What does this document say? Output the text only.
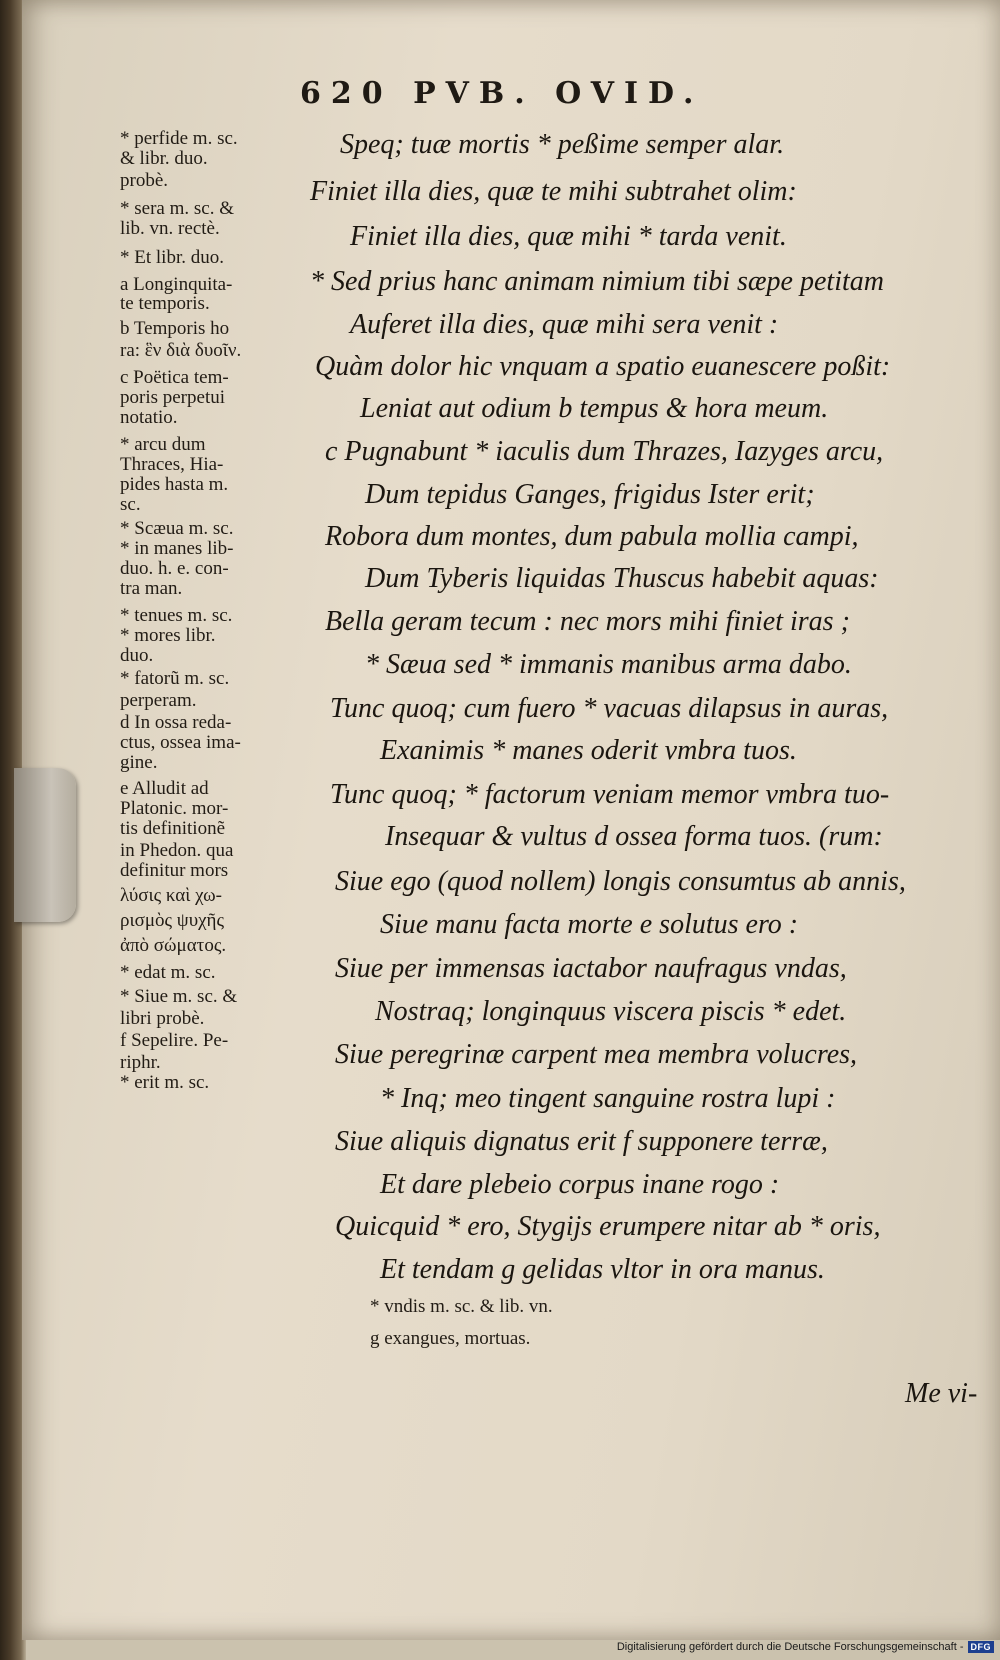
620 PVB. OVID.
* perfide m. sc.
& libr. duo.
probè.
* sera m. sc. &
lib. vn. rectè.
* Et libr. duo.
a Longinquita-
te temporis.
b Temporis ho
ra: ἓν διὰ δυοῖν.
c Poëtica tem-
poris perpetui
notatio.
* arcu dum
Thraces, Hia-
pides hasta m.
sc.
* Scæua m. sc.
* in manes lib-
duo. h. e. con-
tra man.
* tenues m. sc.
* mores libr.
duo.
* fatorũ m. sc.
perperam.
d In ossa reda-
ctus, ossea ima-
gine.
e Alludit ad
Platonic. mor-
tis definitionẽ
in Phedon. qua
definitur mors
λύσις καὶ χω-
ρισμὸς ψυχῆς
ἀπὸ σώματος.
* edat m. sc.
* Siue m. sc. &
libri probè.
f Sepelire. Pe-
riphr.
* erit m. sc.
Speq; tuæ mortis * peßime semper alar.
Finiet illa dies, quæ te mihi subtrahet olim:
Finiet illa dies, quæ mihi * tarda venit.
* Sed prius hanc animam nimium tibi sæpe petitam
Auferet illa dies, quæ mihi sera venit :
Quàm dolor hic vnquam a spatio euanescere poßit:
Leniat aut odium b tempus & hora meum.
c Pugnabunt * iaculis dum Thrazes, Iazyges arcu,
Dum tepidus Ganges, frigidus Ister erit;
Robora dum montes, dum pabula mollia campi,
Dum Tyberis liquidas Thuscus habebit aquas:
Bella geram tecum : nec mors mihi finiet iras ;
* Sæua sed * immanis manibus arma dabo.
Tunc quoq; cum fuero * vacuas dilapsus in auras,
Exanimis * manes oderit vmbra tuos.
Tunc quoq; * factorum veniam memor vmbra tuo-
Insequar & vultus d ossea forma tuos. (rum:
Siue ego (quod nollem) longis consumtus ab annis,
Siue manu facta morte e solutus ero :
Siue per immensas iactabor naufragus vndas,
Nostraq; longinquus viscera piscis * edet.
Siue peregrinæ carpent mea membra volucres,
* Inq; meo tingent sanguine rostra lupi :
Siue aliquis dignatus erit f supponere terræ,
Et dare plebeio corpus inane rogo :
Quicquid * ero, Stygijs erumpere nitar ab * oris,
Et tendam g gelidas vltor in ora manus.
* vndis m. sc. & lib. vn.
g exangues, mortuas.
Me vi-
Digitalisierung gefördert durch die Deutsche Forschungsgemeinschaft - DFG
